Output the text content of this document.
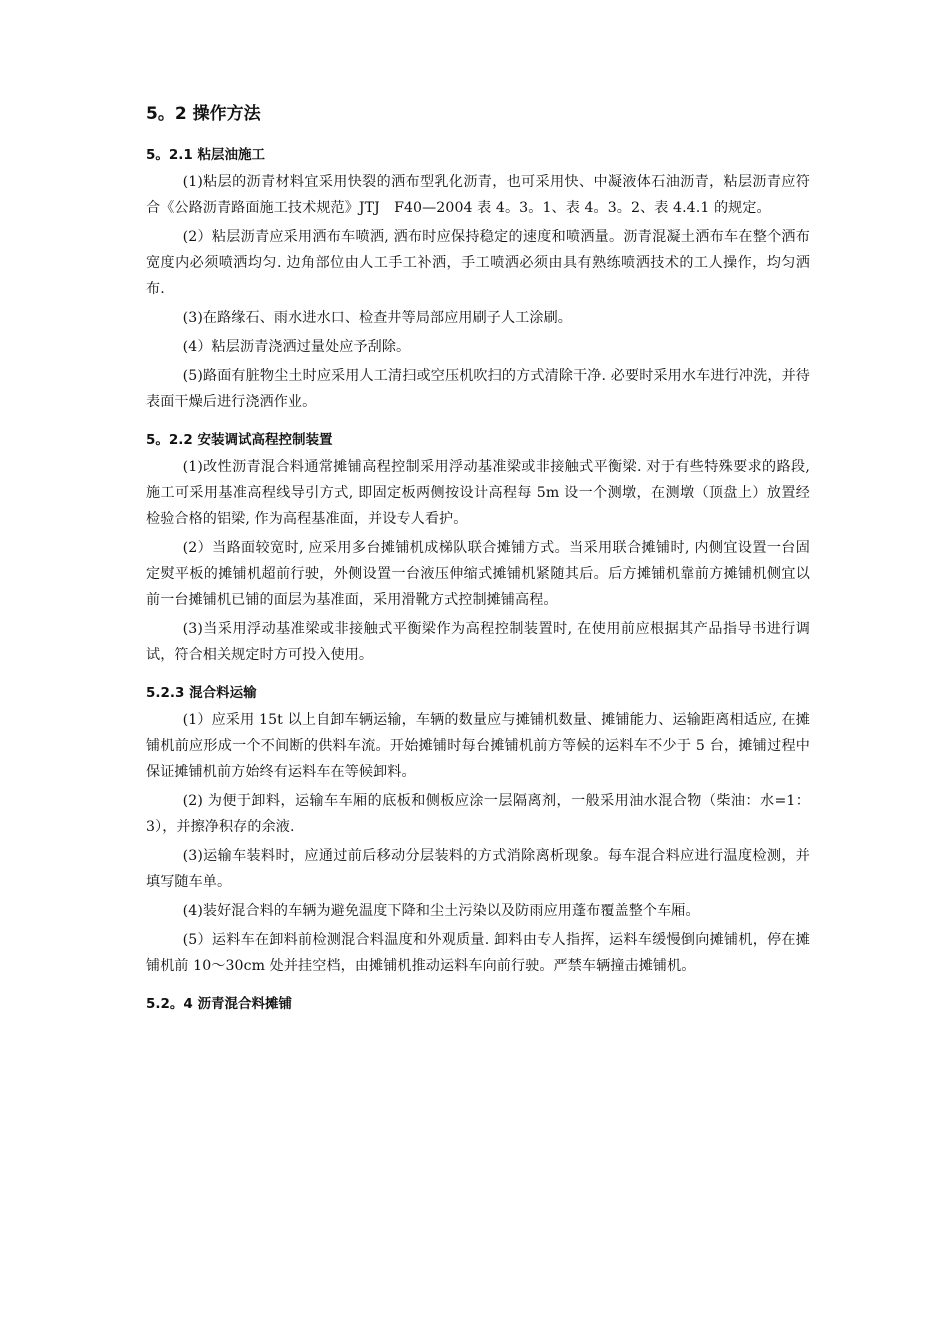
5。2 操作方法
5。2.1 粘层油施工

(1)粘层的沥青材料宜采用快裂的洒布型乳化沥青，也可采用快、中凝液体石油沥青，粘层沥青应符合《公路沥青路面施工技术规范》JTJ　F40—2004 表 4。3。1、表 4。3。2、表 4.4.1 的规定。

(2）粘层沥青应采用洒布车喷洒, 洒布时应保持稳定的速度和喷洒量。沥青混凝土洒布车在整个洒布宽度内必须喷洒均匀. 边角部位由人工手工补洒，手工喷洒必须由具有熟练喷洒技术的工人操作，均匀洒布.

(3)在路缘石、雨水进水口、检查井等局部应用刷子人工涂刷。

(4）粘层沥青浇洒过量处应予刮除。

(5)路面有脏物尘土时应采用人工清扫或空压机吹扫的方式清除干净. 必要时采用水车进行冲洗，并待表面干燥后进行浇洒作业。

5。2.2 安装调试高程控制装置

(1)改性沥青混合料通常摊铺高程控制采用浮动基准梁或非接触式平衡梁. 对于有些特殊要求的路段, 施工可采用基准高程线导引方式, 即固定板两侧按设计高程每 5m 设一个测墩，在测墩（顶盘上）放置经检验合格的铝梁, 作为高程基准面，并设专人看护。

(2）当路面较宽时, 应采用多台摊铺机成梯队联合摊铺方式。当采用联合摊铺时, 内侧宜设置一台固定熨平板的摊铺机超前行驶，外侧设置一台液压伸缩式摊铺机紧随其后。后方摊铺机靠前方摊铺机侧宜以前一台摊铺机已铺的面层为基准面，采用滑靴方式控制摊铺高程。

(3)当采用浮动基准梁或非接触式平衡梁作为高程控制装置时, 在使用前应根据其产品指导书进行调试，符合相关规定时方可投入使用。

5.2.3 混合料运输

(1）应采用 15t 以上自卸车辆运输，车辆的数量应与摊铺机数量、摊铺能力、运输距离相适应, 在摊铺机前应形成一个不间断的供料车流。开始摊铺时每台摊铺机前方等候的运料车不少于 5 台，摊铺过程中保证摊铺机前方始终有运料车在等候卸料。

(2) 为便于卸料，运输车车厢的底板和侧板应涂一层隔离剂，一般采用油水混合物（柴油：水=1：3），并擦净积存的余液.

(3)运输车装料时，应通过前后移动分层装料的方式消除离析现象。每车混合料应进行温度检测，并填写随车单。

(4)装好混合料的车辆为避免温度下降和尘土污染以及防雨应用蓬布覆盖整个车厢。

(5）运料车在卸料前检测混合料温度和外观质量. 卸料由专人指挥，运料车缓慢倒向摊铺机，停在摊铺机前 10～30cm 处并挂空档，由摊铺机推动运料车向前行驶。严禁车辆撞击摊铺机。

5.2。4 沥青混合料摊铺
